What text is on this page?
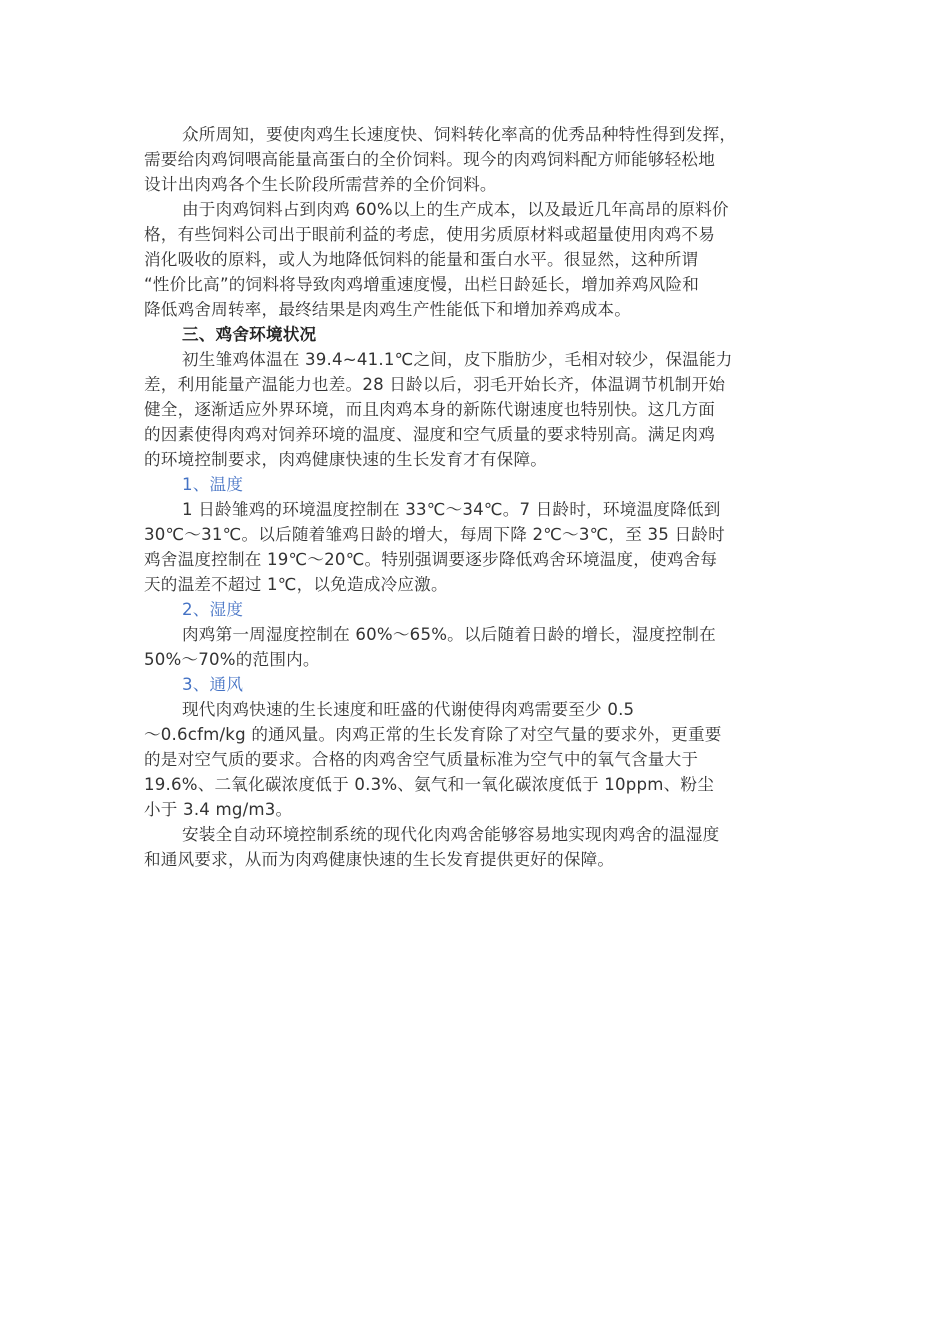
众所周知，要使肉鸡生长速度快、饲料转化率高的优秀品种特性得到发挥，
需要给肉鸡饲喂高能量高蛋白的全价饲料。现今的肉鸡饲料配方师能够轻松地
设计出肉鸡各个生长阶段所需营养的全价饲料。
由于肉鸡饲料占到肉鸡 60%以上的生产成本，以及最近几年高昂的原料价
格，有些饲料公司出于眼前利益的考虑，使用劣质原材料或超量使用肉鸡不易
消化吸收的原料，或人为地降低饲料的能量和蛋白水平。很显然，这种所谓
“性价比高”的饲料将导致肉鸡增重速度慢，出栏日龄延长，增加养鸡风险和
降低鸡舍周转率，最终结果是肉鸡生产性能低下和增加养鸡成本。
三、鸡舍环境状况
初生雏鸡体温在 39.4~41.1℃之间，皮下脂肪少，毛相对较少，保温能力
差，利用能量产温能力也差。28 日龄以后，羽毛开始长齐，体温调节机制开始
健全，逐渐适应外界环境，而且肉鸡本身的新陈代谢速度也特别快。这几方面
的因素使得肉鸡对饲养环境的温度、湿度和空气质量的要求特别高。满足肉鸡
的环境控制要求，肉鸡健康快速的生长发育才有保障。
1、温度
1 日龄雏鸡的环境温度控制在 33℃～34℃。7 日龄时，环境温度降低到
30℃～31℃。以后随着雏鸡日龄的增大，每周下降 2℃～3℃，至 35 日龄时
鸡舍温度控制在 19℃～20℃。特别强调要逐步降低鸡舍环境温度，使鸡舍每
天的温差不超过 1℃，以免造成冷应激。
2、湿度
肉鸡第一周湿度控制在 60%～65%。以后随着日龄的增长，湿度控制在
50%～70%的范围内。
3、通风
现代肉鸡快速的生长速度和旺盛的代谢使得肉鸡需要至少 0.5
～0.6cfm/kg 的通风量。肉鸡正常的生长发育除了对空气量的要求外，更重要
的是对空气质的要求。合格的肉鸡舍空气质量标准为空气中的氧气含量大于
19.6%、二氧化碳浓度低于 0.3%、氨气和一氧化碳浓度低于 10ppm、粉尘
小于 3.4 mg/m3。
安装全自动环境控制系统的现代化肉鸡舍能够容易地实现肉鸡舍的温湿度
和通风要求，从而为肉鸡健康快速的生长发育提供更好的保障。
